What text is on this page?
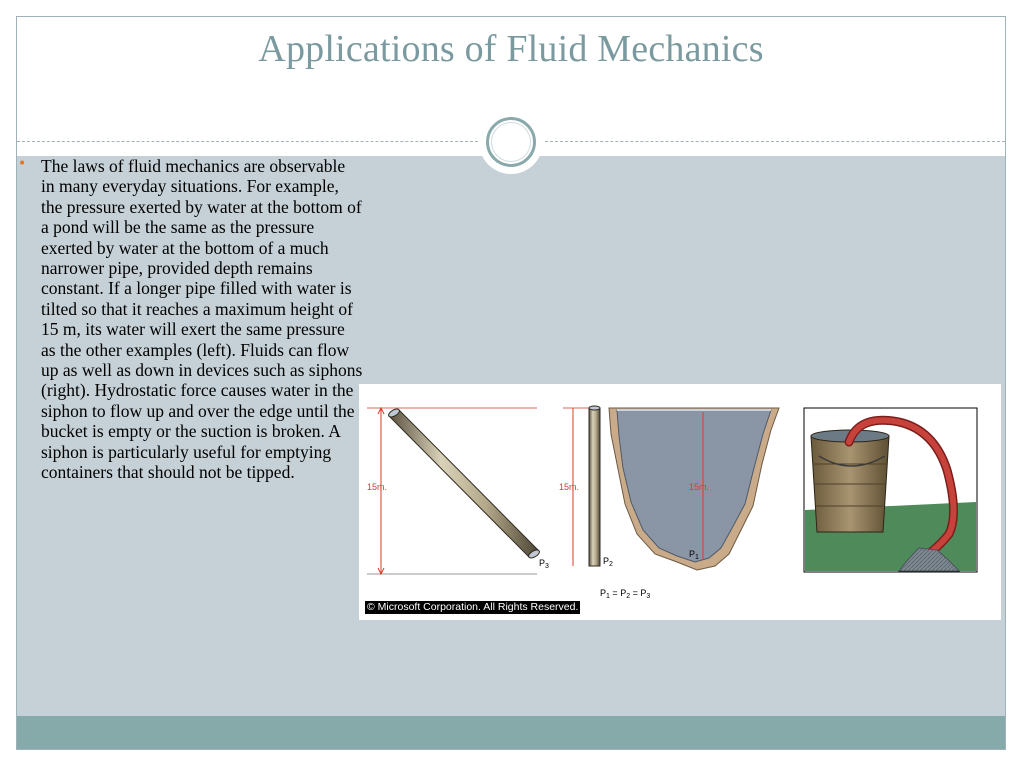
Applications of Fluid Mechanics
•
The laws of fluid mechanics are observable in many everyday situations. For example, the pressure exerted by water at the bottom of a pond will be the same as the pressure exerted by water at the bottom of a much narrower pipe, provided depth remains constant. If a longer pipe filled with water is tilted so that it reaches a maximum height of 15 m, its water will exert the same pressure as the other examples (left). Fluids can flow up as well as down in devices such as siphons (right). Hydrostatic force causes water in the siphon to flow up and over the edge until the bucket is empty or the suction is broken. A siphon is particularly useful for emptying containers that should not be tipped.
15m.
$P_3$
15m.
$P_2$
15m.
$P_1$
$P_1 = P_2 = P_3$
© Microsoft Corporation. All Rights Reserved.
